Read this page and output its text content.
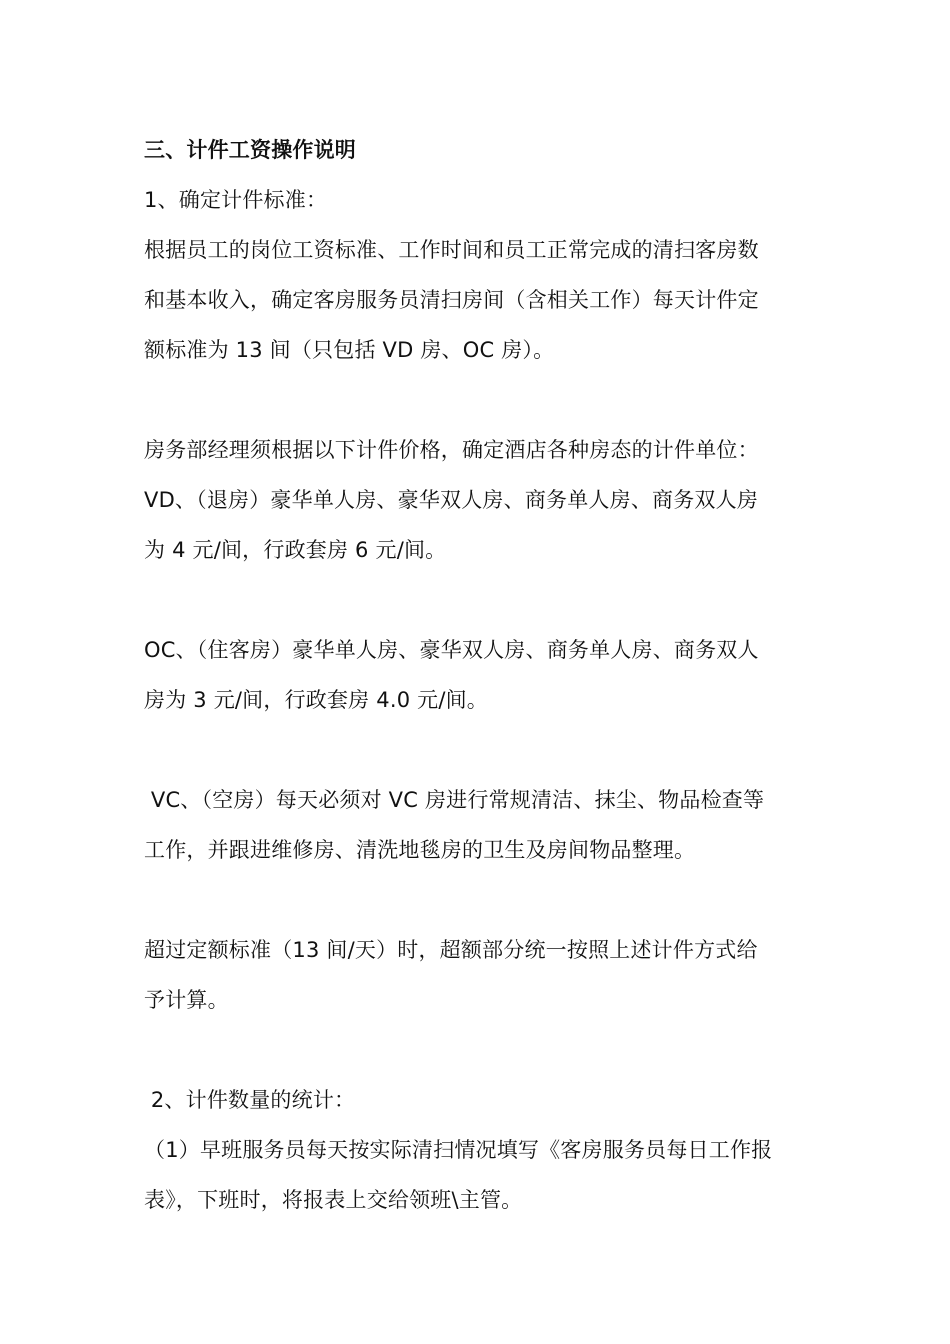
三、计件工资操作说明
1、确定计件标准：
根据员工的岗位工资标准、工作时间和员工正常完成的清扫客房数
和基本收入，确定客房服务员清扫房间（含相关工作）每天计件定
额标准为 13 间（只包括 VD 房、OC 房）。
房务部经理须根据以下计件价格，确定酒店各种房态的计件单位：
VD、（退房）豪华单人房、豪华双人房、商务单人房、商务双人房
为 4 元/间，行政套房 6 元/间。
OC、（住客房）豪华单人房、豪华双人房、商务单人房、商务双人
房为 3 元/间，行政套房 4.0 元/间。
VC、（空房）每天必须对 VC 房进行常规清洁、抹尘、物品检查等
工作，并跟进维修房、清洗地毯房的卫生及房间物品整理。
超过定额标准（13 间/天）时，超额部分统一按照上述计件方式给
予计算。
2、计件数量的统计：
（1）早班服务员每天按实际清扫情况填写《客房服务员每日工作报
表》，下班时，将报表上交给领班\主管。
